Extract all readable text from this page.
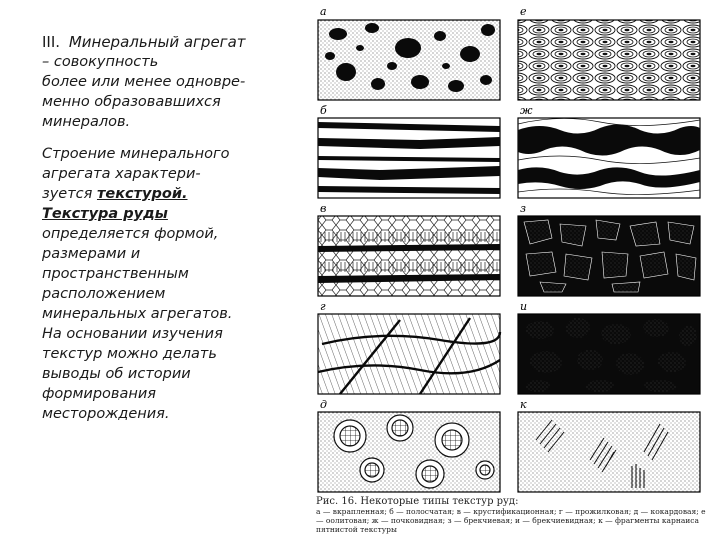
III. Минеральный агрегат

– совокупность

более или менее одновре-

менно образовавшихся

минералов.

Строение минерального

агрегата характери-

зуется текстурой.

Текстура руды

определяется формой,

размерами и

пространственным

расположением

минеральных агрегатов.

На основании изучения

текстур можно делать

выводы об истории

формирования

месторождения.

а
б
в
г
д
е
ж
з
и
к
Рис. 16. Некоторые типы текстур руд:
а — вкрапленная; б — полосчатая; в — крустификационная; г — прожилковая; д — кокардовая; е — оолитовая; ж — почковидная; з — брекчиевая; и — брекчиевидная; к — фрагменты карнаиса пятнистой текстуры
